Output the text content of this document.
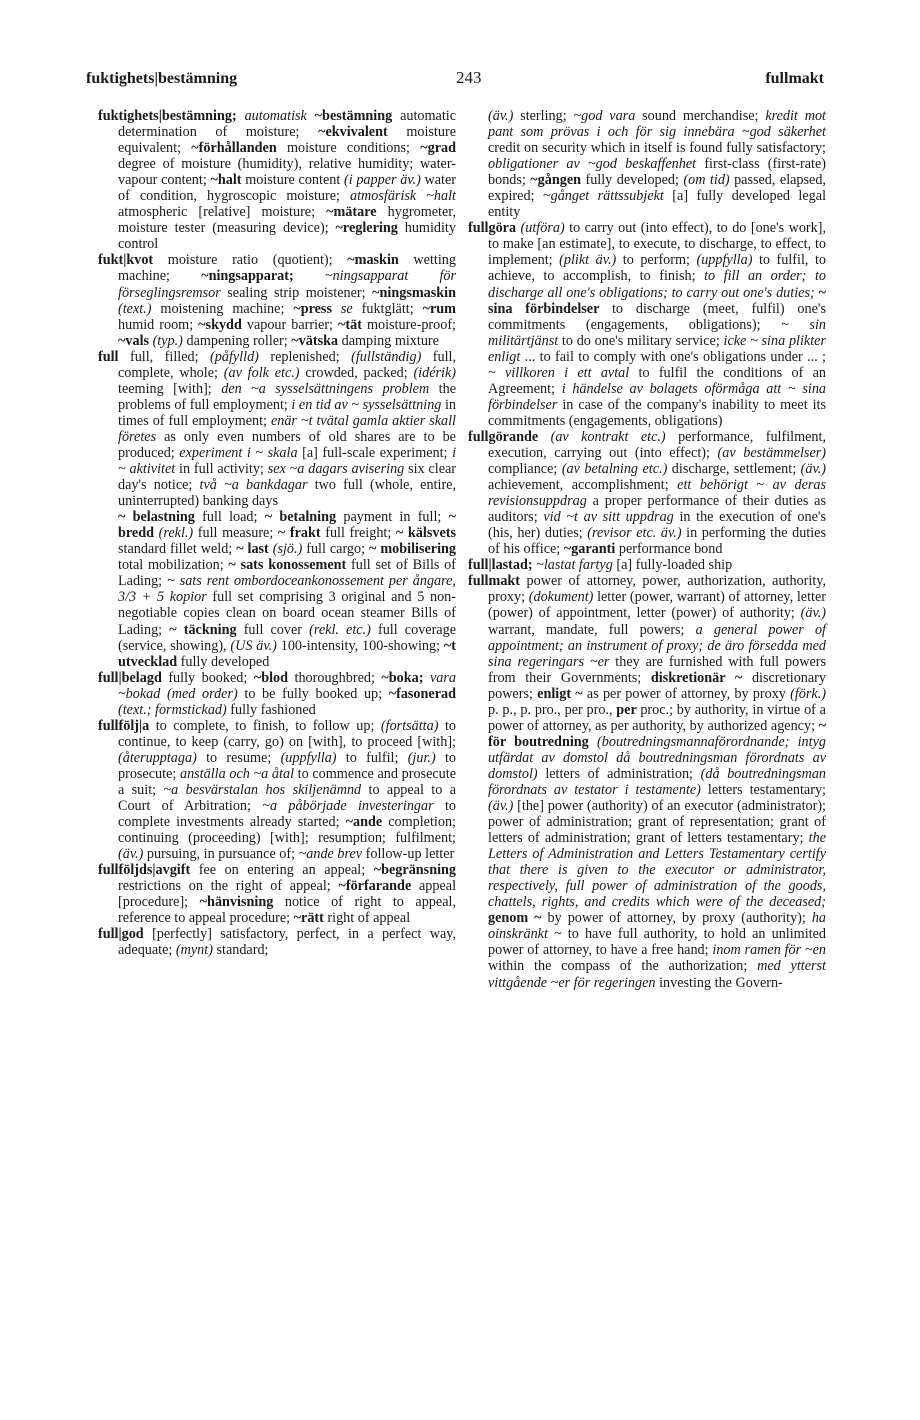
fuktighets|bestämning	243	fullmakt
fuktighets|bestämning; automatisk ~bestämning automatic determination of moisture; ~ekvivalent moisture equivalent; ~förhållanden moisture conditions; ~grad degree of moisture (humidity), relative humidity; water-vapour content; ~halt moisture content (i papper äv.) water of condition, hygroscopic moisture; atmosfärisk ~halt atmospheric [relative] moisture; ~mätare hygrometer, moisture tester (measuring device); ~reglering humidity control
fukt|kvot moisture ratio (quotient); ~maskin wetting machine; ~ningsapparat; ~ningsapparat för förseglingsremsor sealing strip moistener; ~ningsmaskin (text.) moistening machine; ~press se fuktglätt; ~rum humid room; ~skydd vapour barrier; ~tät moisture-proof; ~vals (typ.) dampening roller; ~vätska damping mixture
full full, filled; (påfylld) replenished; (fullständig) full, complete, whole; (av folk etc.) crowded, packed; (idérik) teeming [with]; den ~a sysselsättningens problem the problems of full employment; i en tid av ~ sysselsättning in times of full employment; enär ~t tvätal gamla aktier skall företes as only even numbers of old shares are to be produced; experiment i ~ skala [a] full-scale experiment; i ~ aktivitet in full activity; sex ~a dagars avisering six clear day's notice; två ~a bankdagar two full (whole, entire, uninterrupted) banking days
~ belastning full load; ~ betalning payment in full; ~ bredd (rekl.) full measure; ~ frakt full freight; ~ kälsvets standard fillet weld; ~ last (sjö.) full cargo; ~ mobilisering total mobilization; ~ sats konossement full set of Bills of Lading; ~ sats rent ombordoceankonossement per ångare, 3/3 + 5 kopior full set comprising 3 original and 5 non-negotiable copies clean on board ocean steamer Bills of Lading; ~ täckning full cover (rekl. etc.) full coverage (service, showing), (US äv.) 100-intensity, 100-showing; ~t utvecklad fully developed
full|belagd fully booked; ~blod thoroughbred; ~boka; vara ~bokad (med order) to be fully booked up; ~fasonerad (text.; formstickad) fully fashioned
fullfölj|a to complete, to finish, to follow up; (fortsätta) to continue, to keep (carry, go) on [with], to proceed [with]; (återupptaga) to resume; (uppfylla) to fulfil; (jur.) to prosecute; anställa och ~a åtal to commence and prosecute a suit; ~a besvärstalan hos skiljenämnd to appeal to a Court of Arbitration; ~a påbörjade investeringar to complete investments already started; ~ande completion; continuing (proceeding) [with]; resumption; fulfilment; (äv.) pursuing, in pursuance of; ~ande brev follow-up letter
fullföljds|avgift fee on entering an appeal; ~begränsning restrictions on the right of appeal; ~förfarande appeal [procedure]; ~hänvisning notice of right to appeal, reference to appeal procedure; ~rätt right of appeal
full|god [perfectly] satisfactory, perfect, in a perfect way, adequate; (mynt) standard;
(äv.) sterling; ~god vara sound merchandise; kredit mot pant som prövas i och för sig innebära ~god säkerhet credit on security which in itself is found fully satisfactory; obligationer av ~god beskaffenhet first-class (first-rate) bonds; ~gången fully developed; (om tid) passed, elapsed, expired; ~gånget rättssubjekt [a] fully developed legal entity
fullgöra (utföra) to carry out (into effect), to do [one's work], to make [an estimate], to execute, to discharge, to effect, to implement; (plikt äv.) to perform; (uppfylla) to fulfil, to achieve, to accomplish, to finish; to fill an order; to discharge all one's obligations; to carry out one's duties; ~ sina förbindelser to discharge (meet, fulfil) one's commitments (engagements, obligations); ~ sin militärtjänst to do one's military service; icke ~ sina plikter enligt ... to fail to comply with one's obligations under ... ; ~ villkoren i ett avtal to fulfil the conditions of an Agreement; i händelse av bolagets oförmåga att ~ sina förbindelser in case of the company's inability to meet its commitments (engagements, obligations)
fullgörande (av kontrakt etc.) performance, fulfilment, execution, carrying out (into effect); (av bestämmelser) compliance; (av betalning etc.) discharge, settlement; (äv.) achievement, accomplishment; ett behörigt ~ av deras revisionsuppdrag a proper performance of their duties as auditors; vid ~t av sitt uppdrag in the execution of one's (his, her) duties; (revisor etc. äv.) in performing the duties of his office; ~garanti performance bond
full|lastad; ~lastat fartyg [a] fully-loaded ship
fullmakt power of attorney, power, authorization, authority, proxy; (dokument) letter (power, warrant) of attorney, letter (power) of appointment, letter (power) of authority; (äv.) warrant, mandate, full powers; a general power of appointment; an instrument of proxy; de äro försedda med sina regeringars ~er they are furnished with full powers from their Governments; diskretionär ~ discretionary powers; enligt ~ as per power of attorney, by proxy (förk.) p. p., p. pro., per pro., per proc.; by authority, in virtue of a power of attorney, as per authority, by authorized agency; ~ för boutredning (boutredningsmannaförordnande; intyg utfärdat av domstol då boutredningsman förordnats av domstol) letters of administration; (då boutredningsman förordnats av testator i testamente) letters testamentary; (äv.) [the] power (authority) of an executor (administrator); power of administration; grant of representation; grant of letters of administration; grant of letters testamentary; the Letters of Administration and Letters Testamentary certify that there is given to the executor or administrator, respectively, full power of administration of the goods, chattels, rights, and credits which were of the deceased; genom ~ by power of attorney, by proxy (authority); ha oinskränkt ~ to have full authority, to hold an unlimited power of attorney, to have a free hand; inom ramen för ~en within the compass of the authorization; med ytterst vittgående ~er för regeringen investing the Govern-
